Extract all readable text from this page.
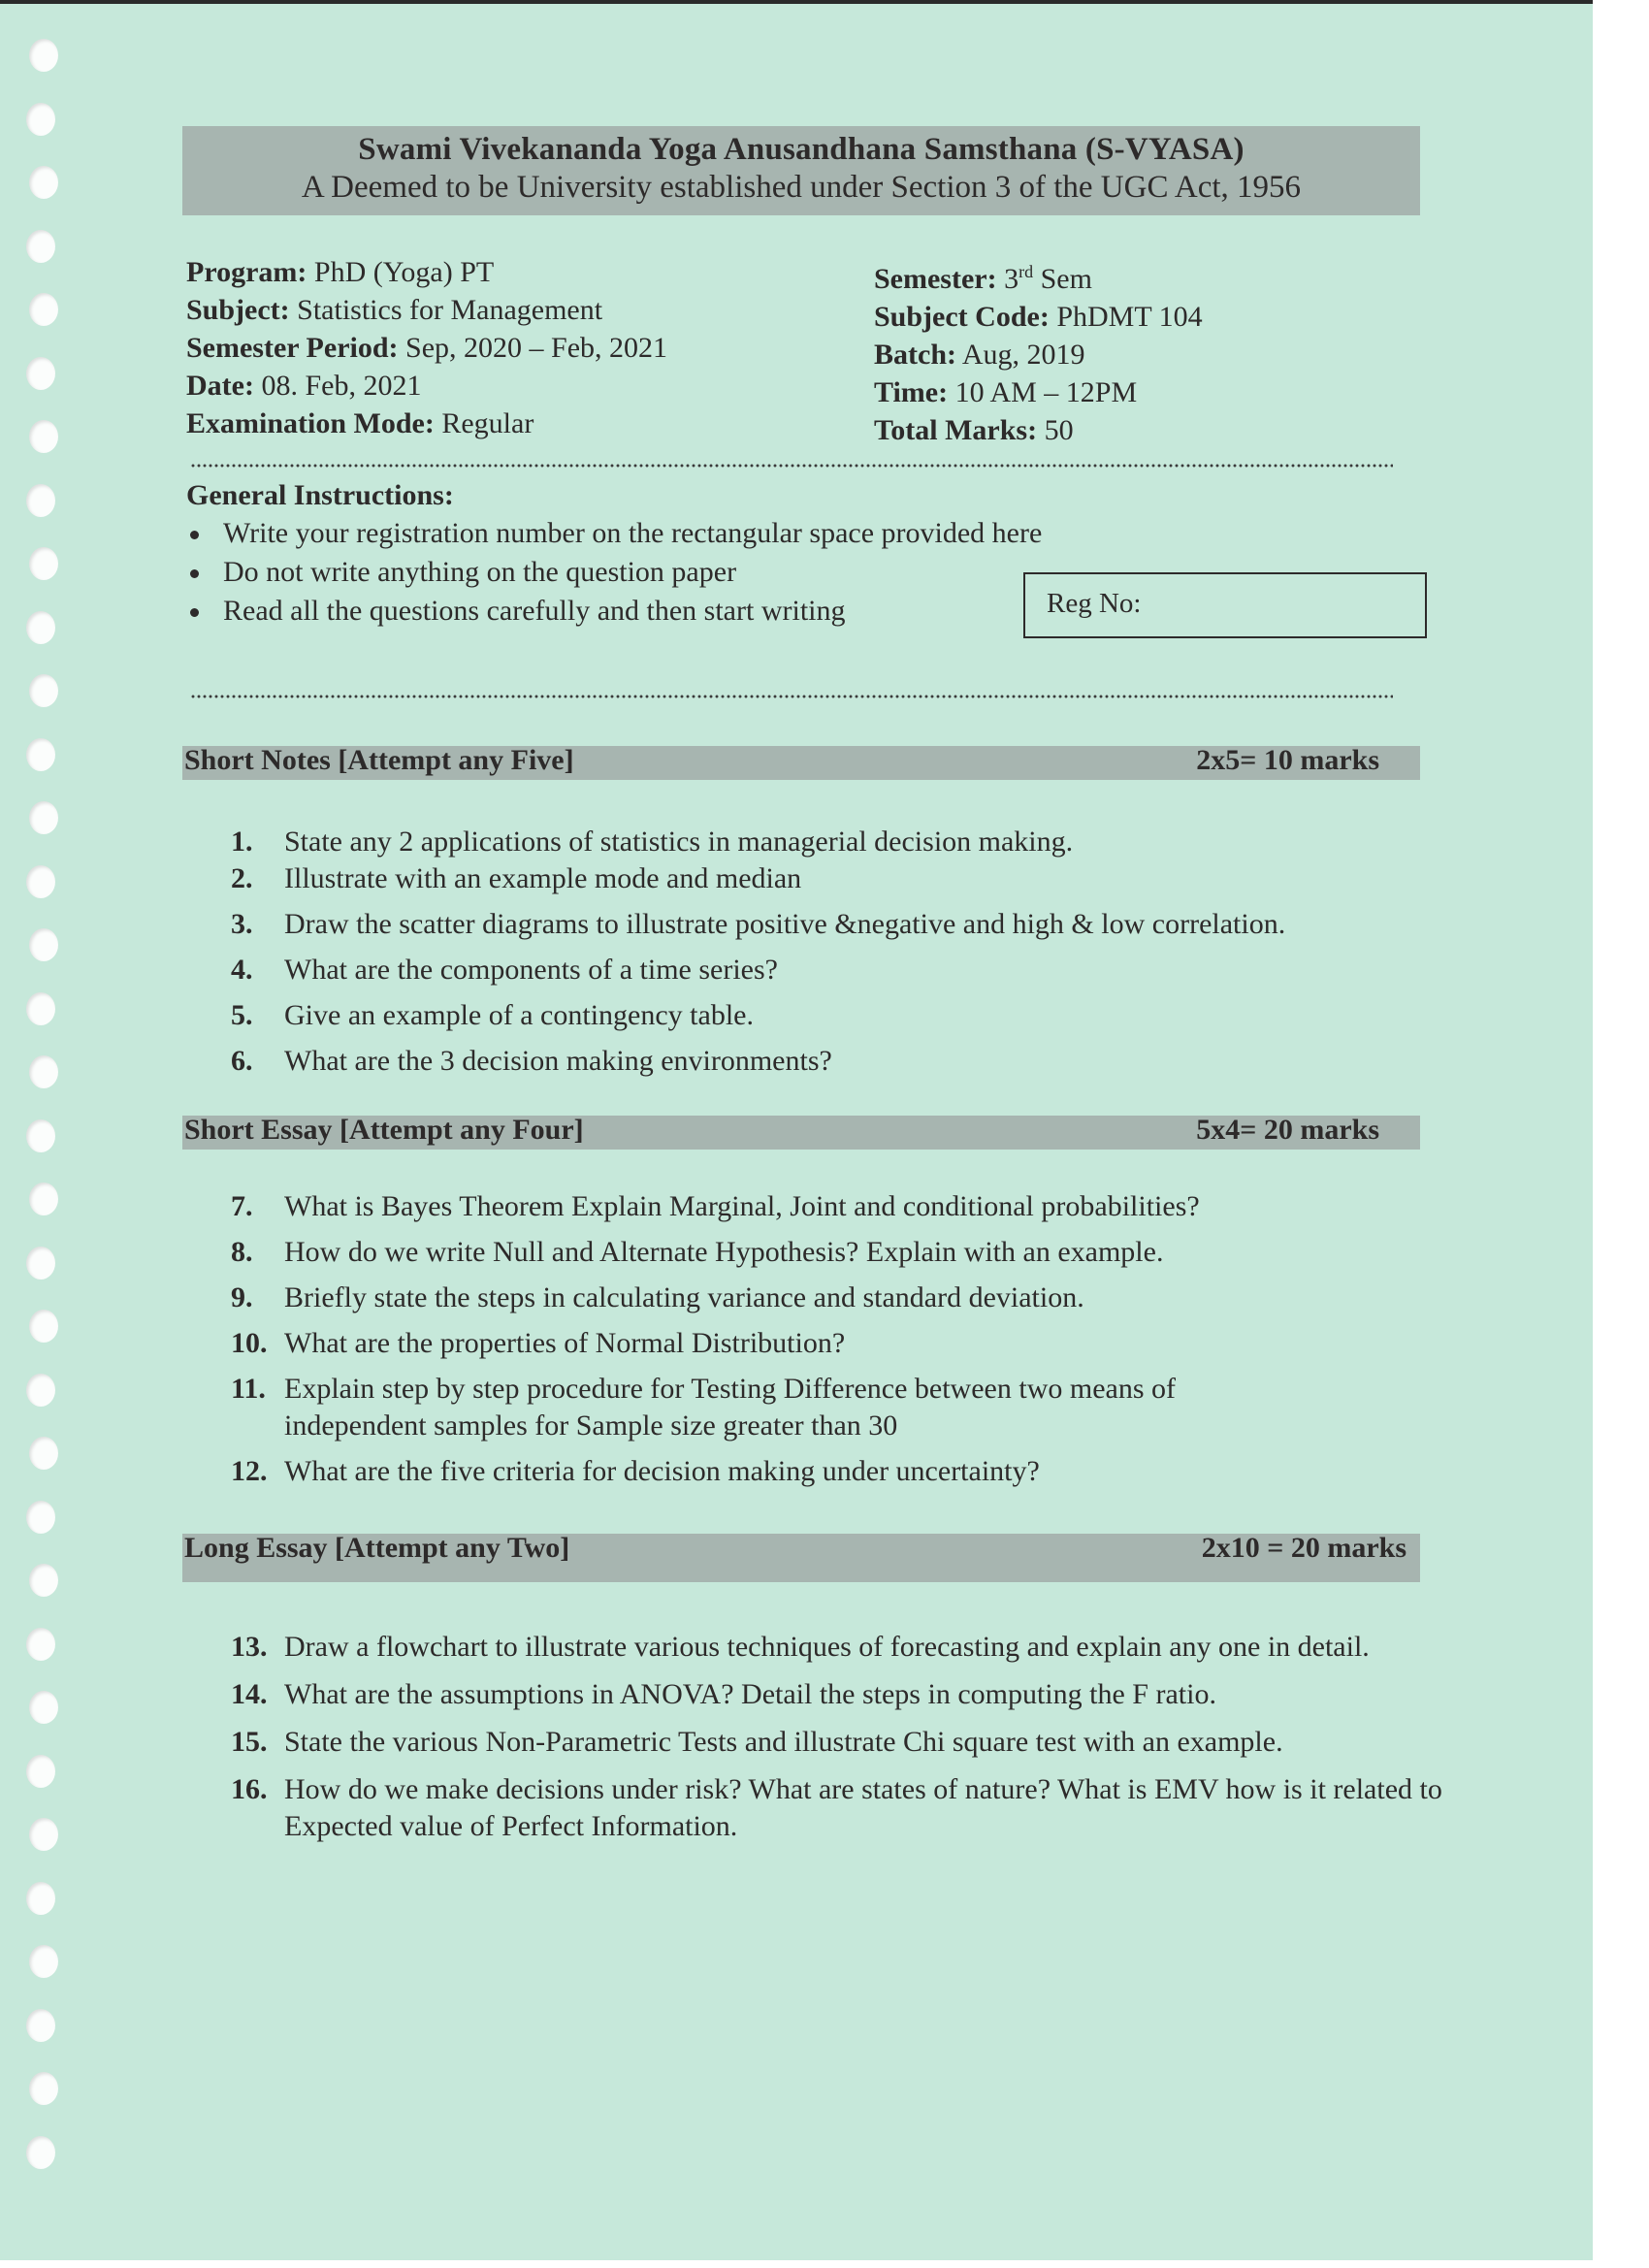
Swami Vivekananda Yoga Anusandhana Samsthana (S-VYASA)
A Deemed to be University established under Section 3 of the UGC Act, 1956
Program: PhD (Yoga) PT
Subject: Statistics for Management
Semester Period: Sep, 2020 – Feb, 2021
Date: 08. Feb, 2021
Examination Mode: Regular
Semester: 3rd Sem
Subject Code: PhDMT 104
Batch: Aug, 2019
Time: 10 AM – 12PM
Total Marks: 50
General Instructions:
Write your registration number on the rectangular space provided here
Do not write anything on the question paper
Read all the questions carefully and then start writing	Reg No:
Short Notes [Attempt any Five]	2x5= 10 marks
1. State any 2 applications of statistics in managerial decision making.
2. Illustrate with an example mode and median
3. Draw the scatter diagrams to illustrate positive &negative and high & low correlation.
4. What are the components of a time series?
5. Give an example of a contingency table.
6. What are the 3 decision making environments?
Short Essay [Attempt any Four]	5x4= 20 marks
7. What is Bayes Theorem Explain Marginal, Joint and conditional probabilities?
8. How do we write Null and Alternate Hypothesis? Explain with an example.
9. Briefly state the steps in calculating variance and standard deviation.
10. What are the properties of Normal Distribution?
11. Explain step by step procedure for Testing Difference between two means of independent samples for Sample size greater than 30
12. What are the five criteria for decision making under uncertainty?
Long Essay [Attempt any Two]	2x10 = 20 marks
13. Draw a flowchart to illustrate various techniques of forecasting and explain any one in detail.
14. What are the assumptions in ANOVA? Detail the steps in computing the F ratio.
15. State the various Non-Parametric Tests and illustrate Chi square test with an example.
16. How do we make decisions under risk? What are states of nature? What is EMV how is it related to Expected value of Perfect Information.
